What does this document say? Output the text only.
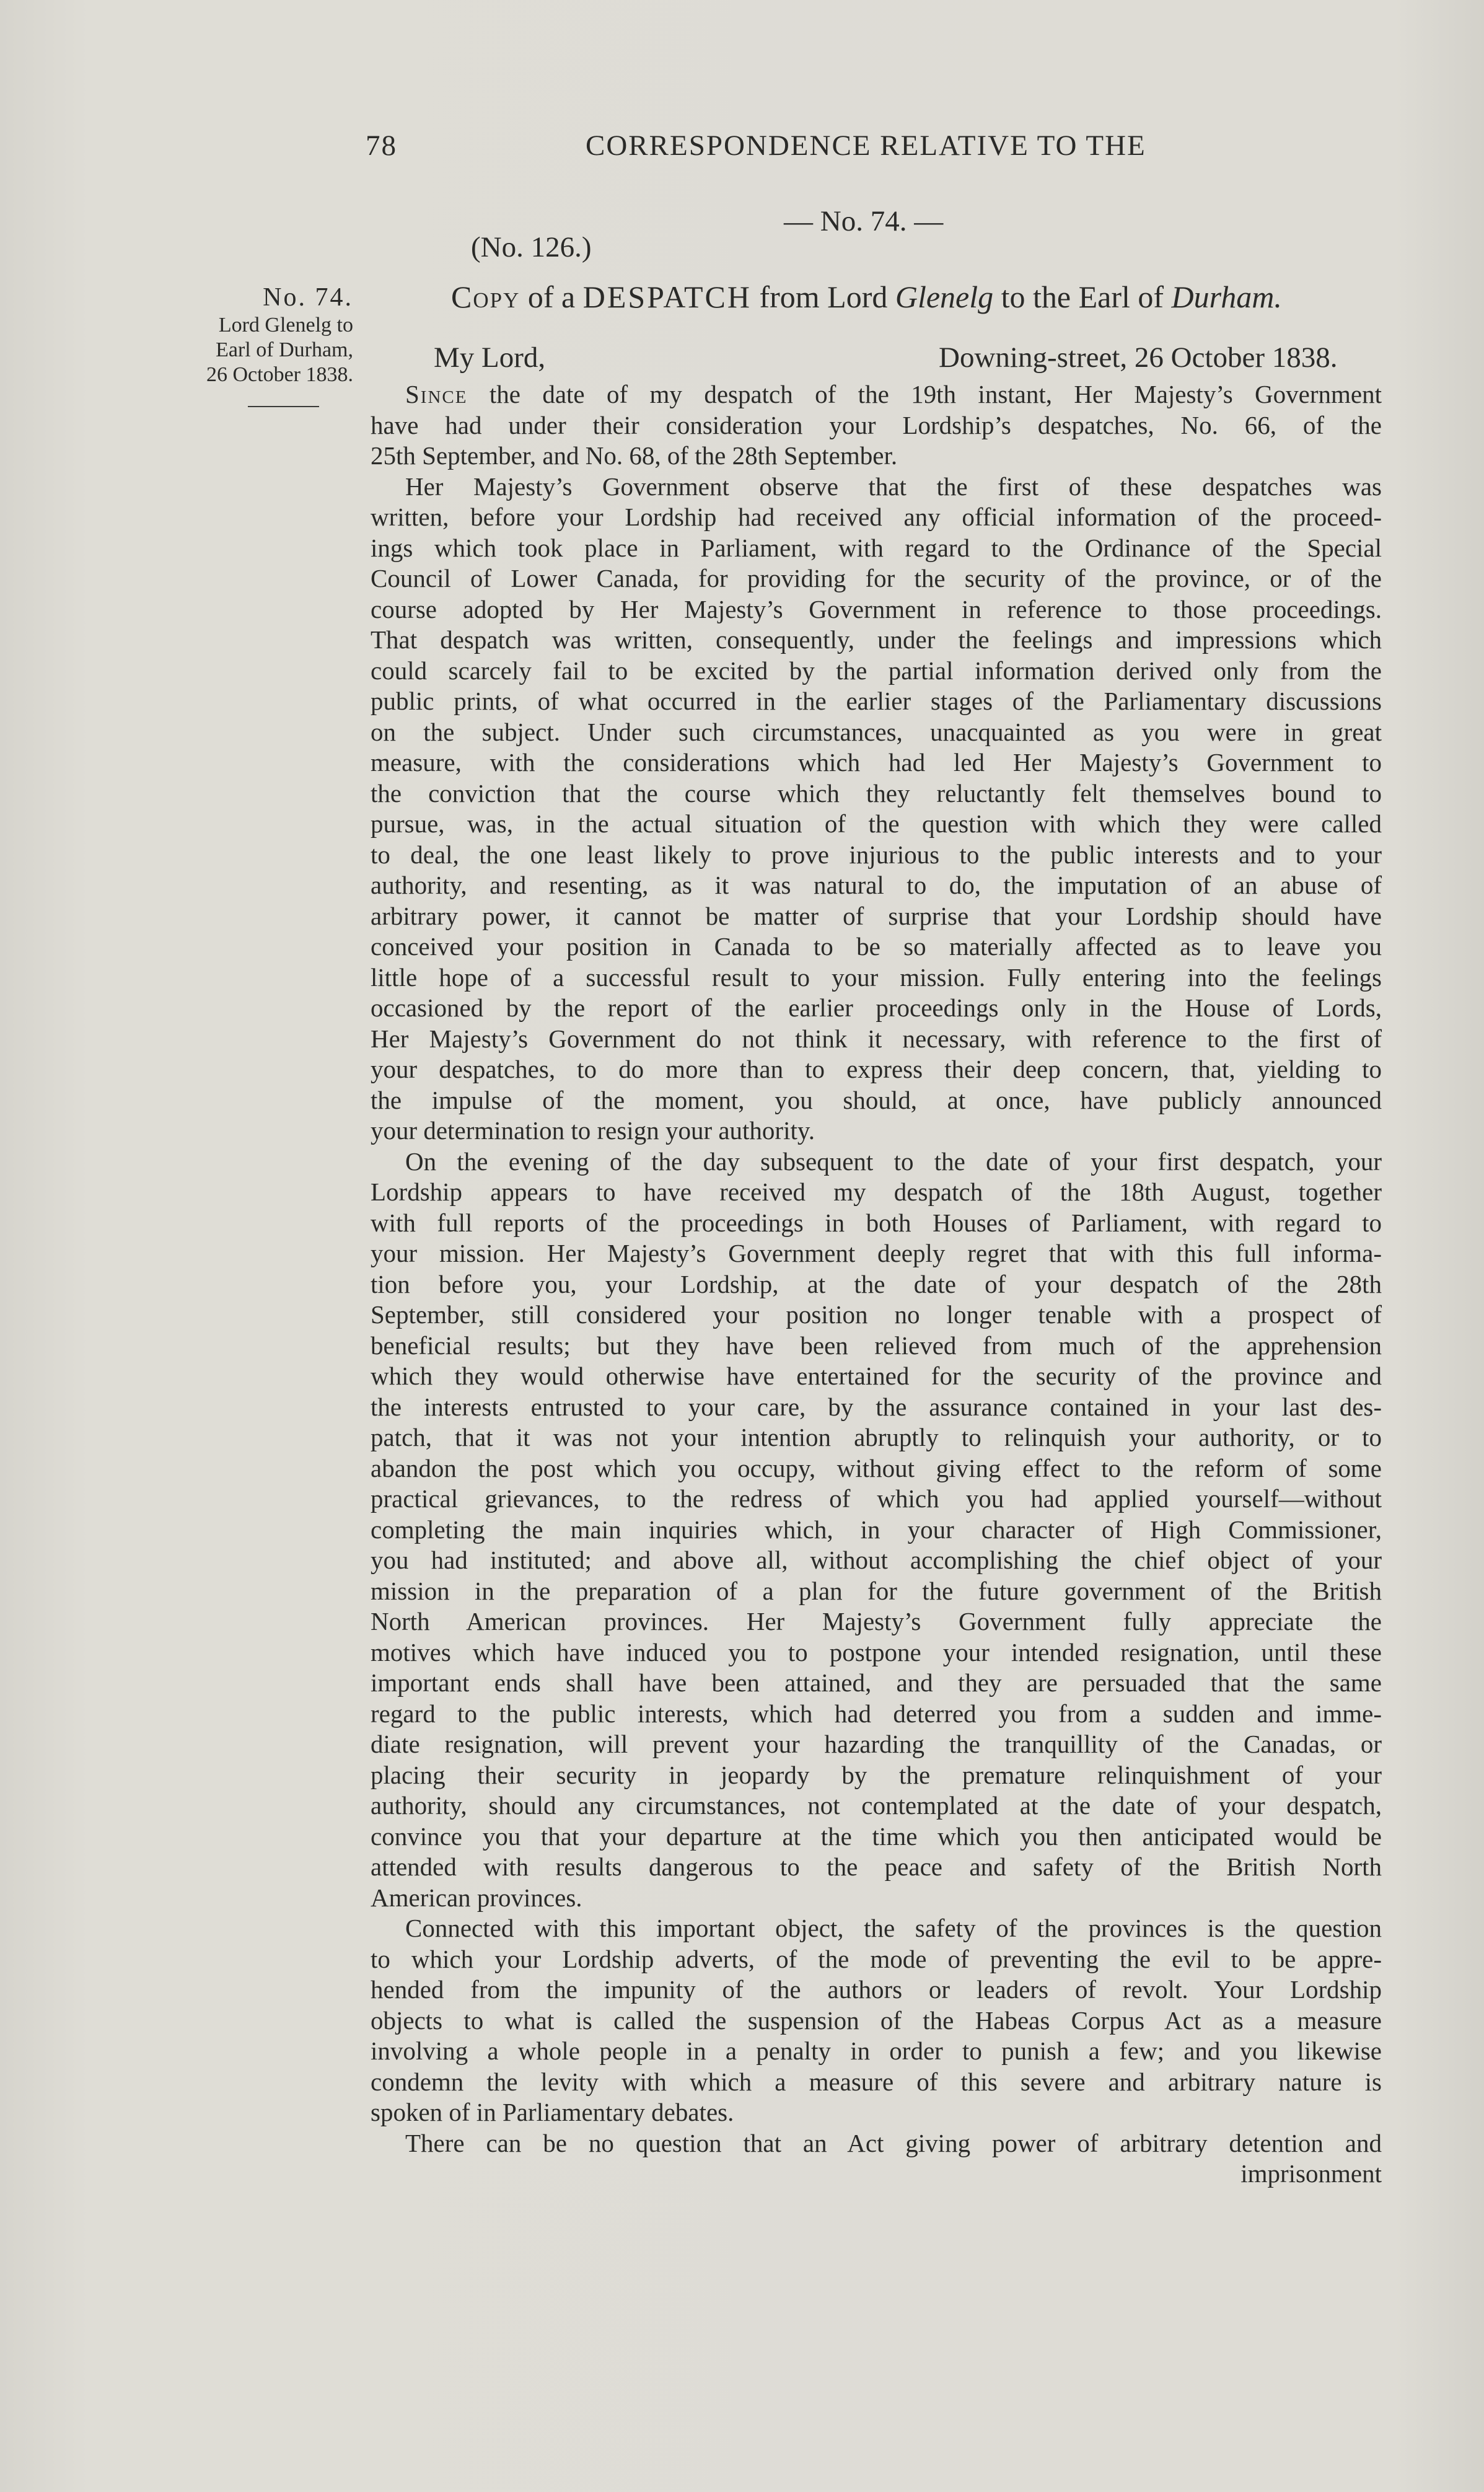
78	CORRESPONDENCE RELATIVE TO THE
— No. 74. —
(No. 126.)
Copy of a DESPATCH from Lord Glenelg to the Earl of Durham.
No. 74.
Lord Glenelg to
Earl of Durham,
26 October 1838.
My Lord,	Downing-street, 26 October 1838.
Since the date of my despatch of the 19th instant, Her Majesty’s Government
have had under their consideration your Lordship’s despatches, No. 66, of the
25th September, and No. 68, of the 28th September.
Her Majesty’s Government observe that the first of these despatches was
written, before your Lordship had received any official information of the proceed-
ings which took place in Parliament, with regard to the Ordinance of the Special
Council of Lower Canada, for providing for the security of the province, or of the
course adopted by Her Majesty’s Government in reference to those proceedings.
That despatch was written, consequently, under the feelings and impressions which
could scarcely fail to be excited by the partial information derived only from the
public prints, of what occurred in the earlier stages of the Parliamentary discussions
on the subject. Under such circumstances, unacquainted as you were in great
measure, with the considerations which had led Her Majesty’s Government to
the conviction that the course which they reluctantly felt themselves bound to
pursue, was, in the actual situation of the question with which they were called
to deal, the one least likely to prove injurious to the public interests and to your
authority, and resenting, as it was natural to do, the imputation of an abuse of
arbitrary power, it cannot be matter of surprise that your Lordship should have
conceived your position in Canada to be so materially affected as to leave you
little hope of a successful result to your mission. Fully entering into the feelings
occasioned by the report of the earlier proceedings only in the House of Lords,
Her Majesty’s Government do not think it necessary, with reference to the first of
your despatches, to do more than to express their deep concern, that, yielding to
the impulse of the moment, you should, at once, have publicly announced
your determination to resign your authority.
On the evening of the day subsequent to the date of your first despatch, your
Lordship appears to have received my despatch of the 18th August, together
with full reports of the proceedings in both Houses of Parliament, with regard to
your mission. Her Majesty’s Government deeply regret that with this full informa-
tion before you, your Lordship, at the date of your despatch of the 28th
September, still considered your position no longer tenable with a prospect of
beneficial results; but they have been relieved from much of the apprehension
which they would otherwise have entertained for the security of the province and
the interests entrusted to your care, by the assurance contained in your last des-
patch, that it was not your intention abruptly to relinquish your authority, or to
abandon the post which you occupy, without giving effect to the reform of some
practical grievances, to the redress of which you had applied yourself—without
completing the main inquiries which, in your character of High Commissioner,
you had instituted; and above all, without accomplishing the chief object of your
mission in the preparation of a plan for the future government of the British
North American provinces. Her Majesty’s Government fully appreciate the
motives which have induced you to postpone your intended resignation, until these
important ends shall have been attained, and they are persuaded that the same
regard to the public interests, which had deterred you from a sudden and imme-
diate resignation, will prevent your hazarding the tranquillity of the Canadas, or
placing their security in jeopardy by the premature relinquishment of your
authority, should any circumstances, not contemplated at the date of your despatch,
convince you that your departure at the time which you then anticipated would be
attended with results dangerous to the peace and safety of the British North
American provinces.
Connected with this important object, the safety of the provinces is the question
to which your Lordship adverts, of the mode of preventing the evil to be appre-
hended from the impunity of the authors or leaders of revolt. Your Lordship
objects to what is called the suspension of the Habeas Corpus Act as a measure
involving a whole people in a penalty in order to punish a few; and you likewise
condemn the levity with which a measure of this severe and arbitrary nature is
spoken of in Parliamentary debates.
There can be no question that an Act giving power of arbitrary detention and
imprisonment
